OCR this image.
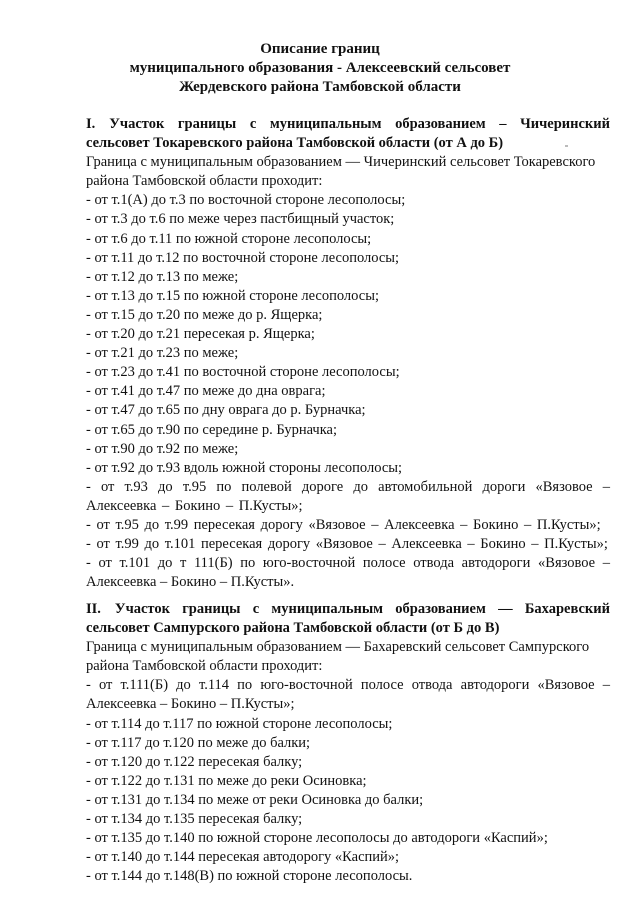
Описание границ
муниципального образования - Алексеевский сельсовет
Жердевского района Тамбовской области
I. Участок границы с муниципальным образованием – Чичеринский сельсовет Токаревского района Тамбовской области (от А до Б)
Граница с муниципальным образованием — Чичеринский сельсовет Токаревского района Тамбовской области проходит:
- от т.1(А) до т.3 по восточной стороне лесополосы;
- от т.3 до т.6 по меже через пастбищный участок;
- от т.6 до т.11 по южной стороне лесополосы;
- от т.11 до т.12 по восточной стороне лесополосы;
- от т.12 до т.13 по меже;
- от т.13 до т.15 по южной стороне лесополосы;
- от т.15 до т.20 по меже до р. Ящерка;
- от т.20 до т.21 пересекая р. Ящерка;
- от т.21 до т.23 по меже;
- от т.23 до т.41 по восточной стороне лесополосы;
- от т.41 до т.47 по меже до дна оврага;
- от т.47 до т.65 по дну оврага до р. Бурначка;
- от т.65 до т.90 по середине р. Бурначка;
- от т.90 до т.92 по меже;
- от т.92 до т.93 вдоль южной стороны лесополосы;
- от т.93 до т.95 по полевой дороге до автомобильной дороги «Вязовое – Алексеевка – Бокино – П.Кусты»;
- от т.95 до т.99 пересекая дорогу «Вязовое – Алексеевка – Бокино – П.Кусты»;
- от т.99 до т.101 пересекая дорогу «Вязовое – Алексеевка – Бокино – П.Кусты»;
- от т.101 до т 111(Б) по юго-восточной полосе отвода автодороги «Вязовое – Алексеевка – Бокино – П.Кусты».
II. Участок границы с муниципальным образованием — Бахаревский сельсовет Сампурского района Тамбовской области (от Б до В)
Граница с муниципальным образованием — Бахаревский сельсовет Сампурского района Тамбовской области проходит:
- от т.111(Б) до т.114 по юго-восточной полосе отвода автодороги «Вязовое – Алексеевка – Бокино – П.Кусты»;
- от т.114 до т.117 по южной стороне лесополосы;
- от т.117 до т.120 по меже до балки;
- от т.120 до т.122 пересекая балку;
- от т.122 до т.131 по меже до реки Осиновка;
- от т.131 до т.134 по меже от реки Осиновка до балки;
- от т.134 до т.135 пересекая балку;
- от т.135 до т.140 по южной стороне лесополосы до автодороги «Каспий»;
- от т.140 до т.144 пересекая автодорогу «Каспий»;
- от т.144 до т.148(В) по южной стороне лесополосы.
